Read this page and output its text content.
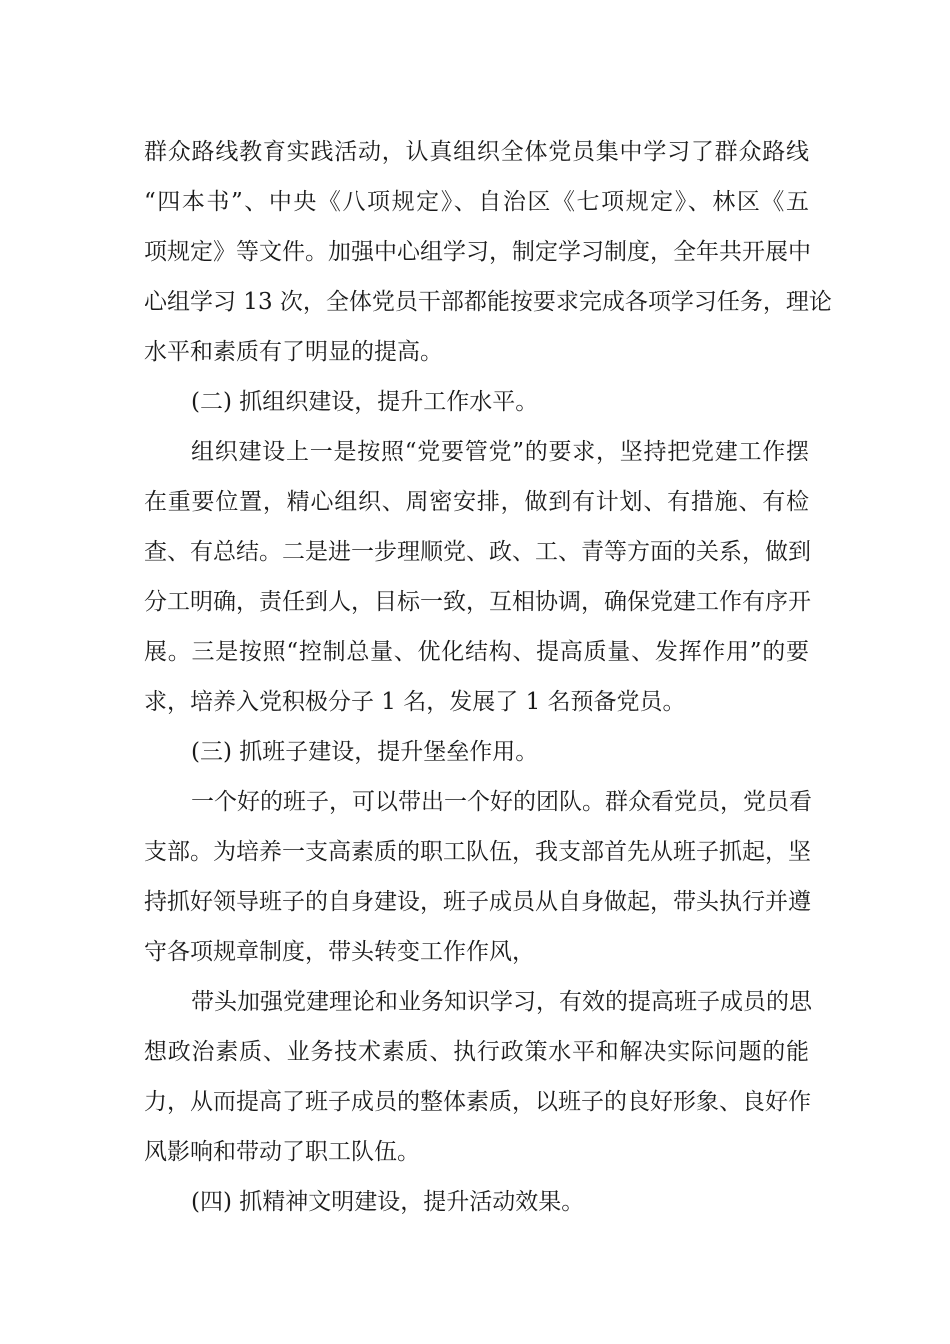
群众路线教育实践活动，认真组织全体党员集中学习了群众路线
“四本书”、中央《八项规定》、自治区《七项规定》、林区《五
项规定》等文件。加强中心组学习，制定学习制度，全年共开展中
心组学习 13 次，全体党员干部都能按要求完成各项学习任务，理论
水平和素质有了明显的提高。
(二) 抓组织建设，提升工作水平。
组织建设上一是按照“党要管党”的要求，坚持把党建工作摆
在重要位置，精心组织、周密安排，做到有计划、有措施、有检
查、有总结。二是进一步理顺党、政、工、青等方面的关系，做到
分工明确，责任到人，目标一致，互相协调，确保党建工作有序开
展。三是按照“控制总量、优化结构、提高质量、发挥作用”的要
求，培养入党积极分子 1 名，发展了 1 名预备党员。
(三) 抓班子建设，提升堡垒作用。
一个好的班子，可以带出一个好的团队。群众看党员，党员看
支部。为培养一支高素质的职工队伍，我支部首先从班子抓起，坚
持抓好领导班子的自身建设，班子成员从自身做起，带头执行并遵
守各项规章制度，带头转变工作作风，
带头加强党建理论和业务知识学习，有效的提高班子成员的思
想政治素质、业务技术素质、执行政策水平和解决实际问题的能
力，从而提高了班子成员的整体素质，以班子的良好形象、良好作
风影响和带动了职工队伍。
(四) 抓精神文明建设，提升活动效果。
